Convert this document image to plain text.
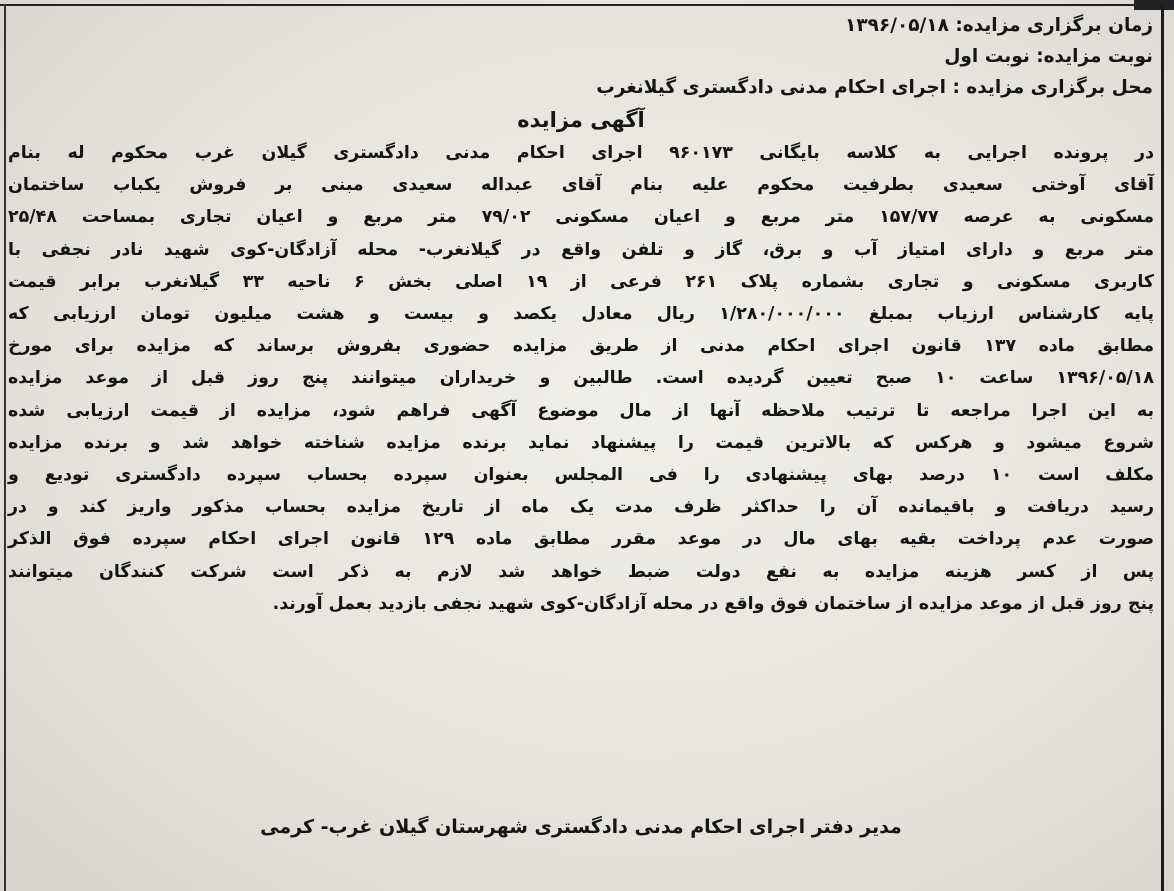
زمان برگزاری مزایده: ۱۳۹۶/۰۵/۱۸
نوبت مزایده: نوبت اول
محل برگزاری مزایده : اجرای احکام مدنی دادگستری گیلانغرب
آگهی مزایده
در پرونده اجرایی به کلاسه بایگانی ۹۶۰۱۷۳ اجرای احکام مدنی دادگستری گیلان غرب محکوم له بنام
آقای آوختی سعیدی بطرفیت محکوم علیه بنام آقای عبداله سعیدی مبنی بر فروش یکباب ساختمان
مسکونی به عرصه ۱۵۷/۷۷ متر مربع و اعیان مسکونی ۷۹/۰۲ متر مربع و اعیان تجاری بمساحت ۲۵/۴۸
متر مربع و دارای امتیاز آب و برق، گاز و تلفن واقع در گیلانغرب- محله آزادگان-کوی شهید نادر نجفی با
کاربری مسکونی و تجاری بشماره پلاک ۲۶۱ فرعی از ۱۹ اصلی بخش ۶ ناحیه ۳۳ گیلانغرب برابر قیمت
پایه کارشناس ارزیاب بمبلغ ۱/۲۸۰/۰۰۰/۰۰۰ ریال معادل یکصد و بیست و هشت میلیون تومان ارزیابی که
مطابق ماده ۱۳۷ قانون اجرای احکام مدنی از طریق مزایده حضوری بفروش برساند که مزایده برای مورخ
۱۳۹۶/۰۵/۱۸ ساعت ۱۰ صبح تعیین گردیده است. طالبین و خریداران میتوانند پنج روز قبل از موعد مزایده
به این اجرا مراجعه تا ترتیب ملاحظه آنها از مال موضوع آگهی فراهم شود، مزایده از قیمت ارزیابی شده
شروع میشود و هرکس که بالاترین قیمت را پیشنهاد نماید برنده مزایده شناخته خواهد شد و برنده مزایده
مکلف است ۱۰ درصد بهای پیشنهادی را فی المجلس بعنوان سپرده بحساب سپرده دادگستری تودیع و
رسید دریافت و باقیمانده آن را حداکثر ظرف مدت یک ماه از تاریخ مزایده بحساب مذکور واریز کند و در
صورت عدم پرداخت بقیه بهای مال در موعد مقرر مطابق ماده ۱۲۹ قانون اجرای احکام سپرده فوق الذکر
پس از کسر هزینه مزایده به نفع دولت ضبط خواهد شد لازم به ذکر است شرکت کنندگان میتوانند
پنج روز قبل از موعد مزایده از ساختمان فوق واقع در محله آزادگان-کوی شهید نجفی بازدید بعمل آورند.
مدیر دفتر اجرای احکام مدنی دادگستری شهرستان گیلان غرب- کرمی
